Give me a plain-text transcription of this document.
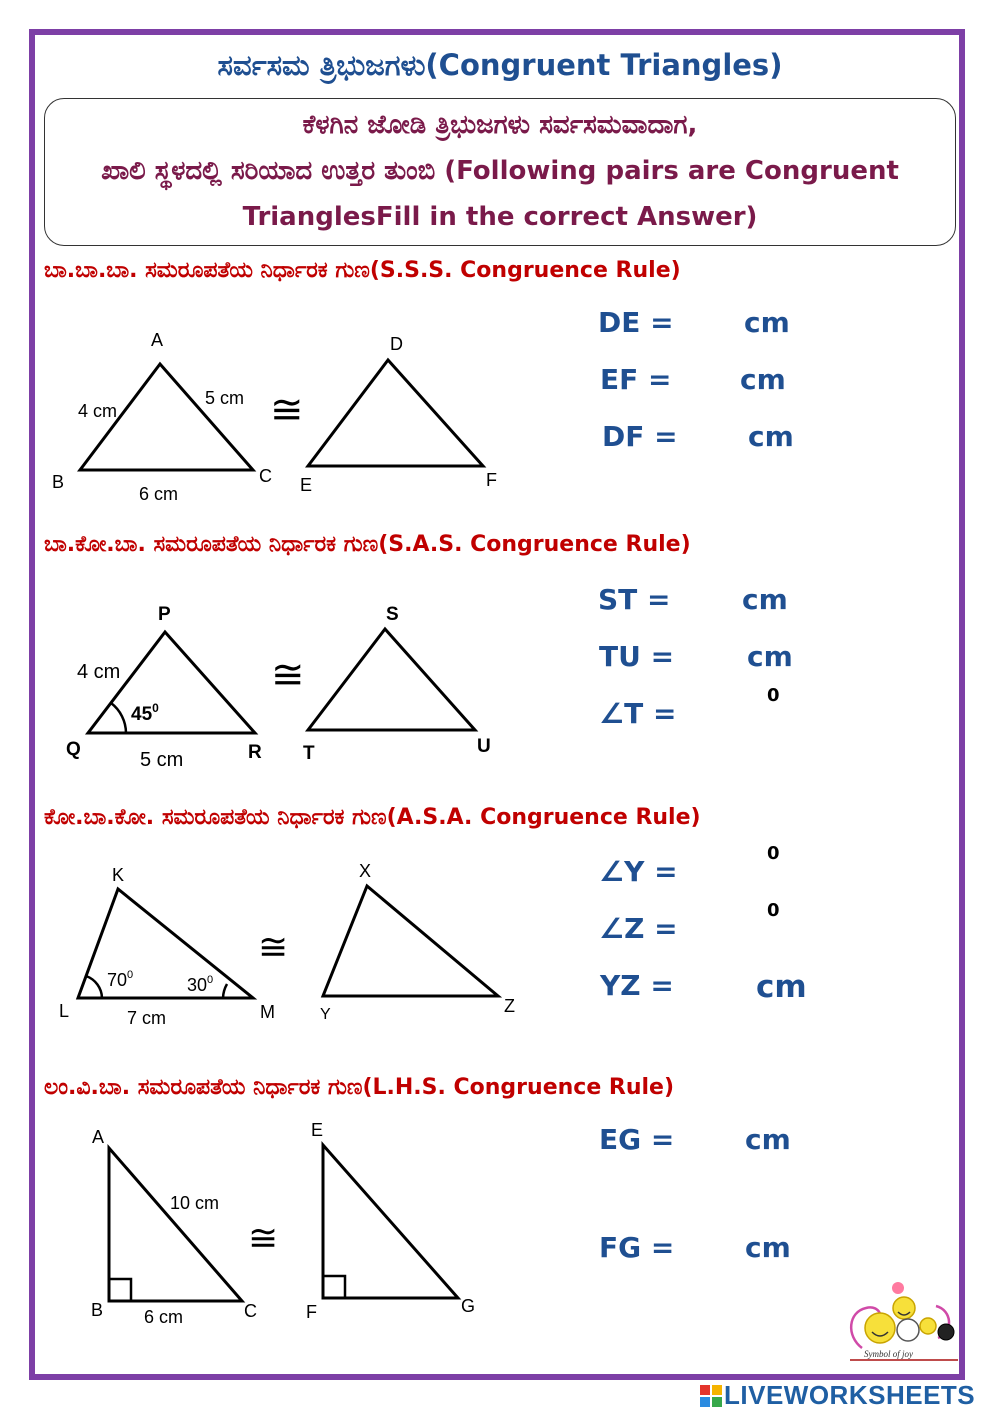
ಸರ್ವಸಮ ತ್ರಿಭುಜಗಳು(Congruent Triangles)
ಕೆಳಗಿನ ಜೋಡಿ ತ್ರಿಭುಜಗಳು ಸರ್ವಸಮವಾದಾಗ,
ಖಾಲಿ ಸ್ಥಳದಲ್ಲಿ ಸರಿಯಾದ ಉತ್ತರ ತುಂಬಿ (Following pairs are Congruent TrianglesFill in the correct Answer)
ಬಾ.ಬಾ.ಬಾ. ಸಮರೂಪತೆಯ ನಿರ್ಧಾರಕ ಗುಣ(S.S.S. Congruence Rule)
A
B	C
4 cm
5 cm
6 cm
≅
D
E	F
DE =	cm
EF = cm
DF =	cm
ಬಾ.ಕೋ.ಬಾ. ಸಮರೂಪತೆಯ ನಿರ್ಧಾರಕ ಗುಣ(S.A.S. Congruence Rule)
P
Q	R
4 cm
5 cm
$45^0$
≅
S
T	U
ST =	cm
TU =	cm
∠T =
0
ಕೋ.ಬಾ.ಕೋ. ಸಮರೂಪತೆಯ ನಿರ್ಧಾರಕ ಗುಣ(A.S.A. Congruence Rule)
K
L	M
$70^0$	$30^0$
7 cm
≅
X
Y	Z
∠Y =
0
∠Z =
0
YZ =	cm
ಲಂ.ವಿ.ಬಾ. ಸಮರೂಪತೆಯ ನಿರ್ಧಾರಕ ಗುಣ(L.H.S. Congruence Rule)
A
B	C
10 cm
6 cm
≅
E
F	G
EG =	cm
FG =	cm
Symbol of joy
LIVEWORKSHEETS
